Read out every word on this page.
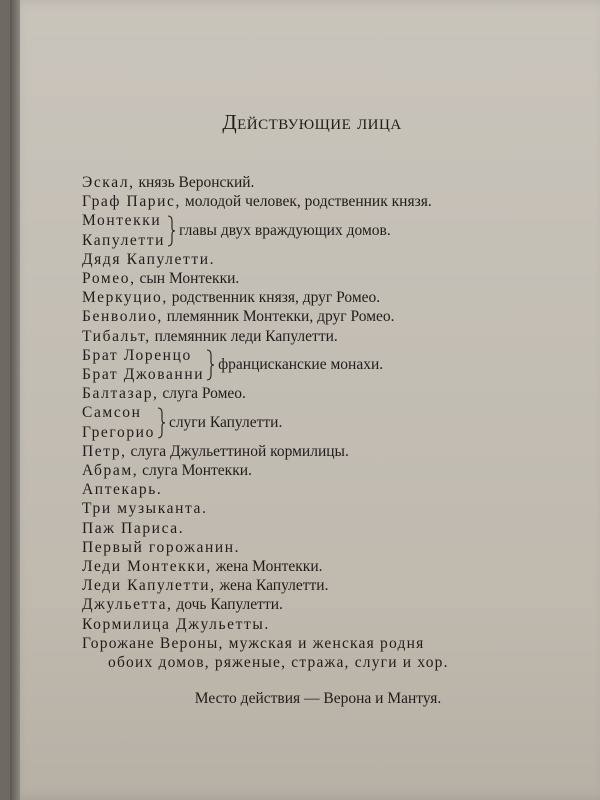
Действующие лица
Эскал, князь Веронский.
Граф Парис, молодой человек, родственник князя.
Монтекки
Капулетти
главы двух враждующих домов.
Дядя Капулетти.
Ромео, сын Монтекки.
Меркуцио, родственник князя, друг Ромео.
Бенволио, племянник Монтекки, друг Ромео.
Тибальт, племянник леди Капулетти.
Брат Лоренцо
Брат Джованни
францисканские монахи.
Балтазар, слуга Ромео.
Самсон
Грегорио
слуги Капулетти.
Петр, слуга Джульеттиной кормилицы.
Абрам, слуга Монтекки.
Аптекарь.
Три музыканта.
Паж Париса.
Первый горожанин.
Леди Монтекки, жена Монтекки.
Леди Капулетти, жена Капулетти.
Джульетта, дочь Капулетти.
Кормилица Джульетты.
Горожане Вероны, мужская и женская родня
обоих домов, ряженые, стража, слуги и хор.
Место действия — Верона и Мантуя.
